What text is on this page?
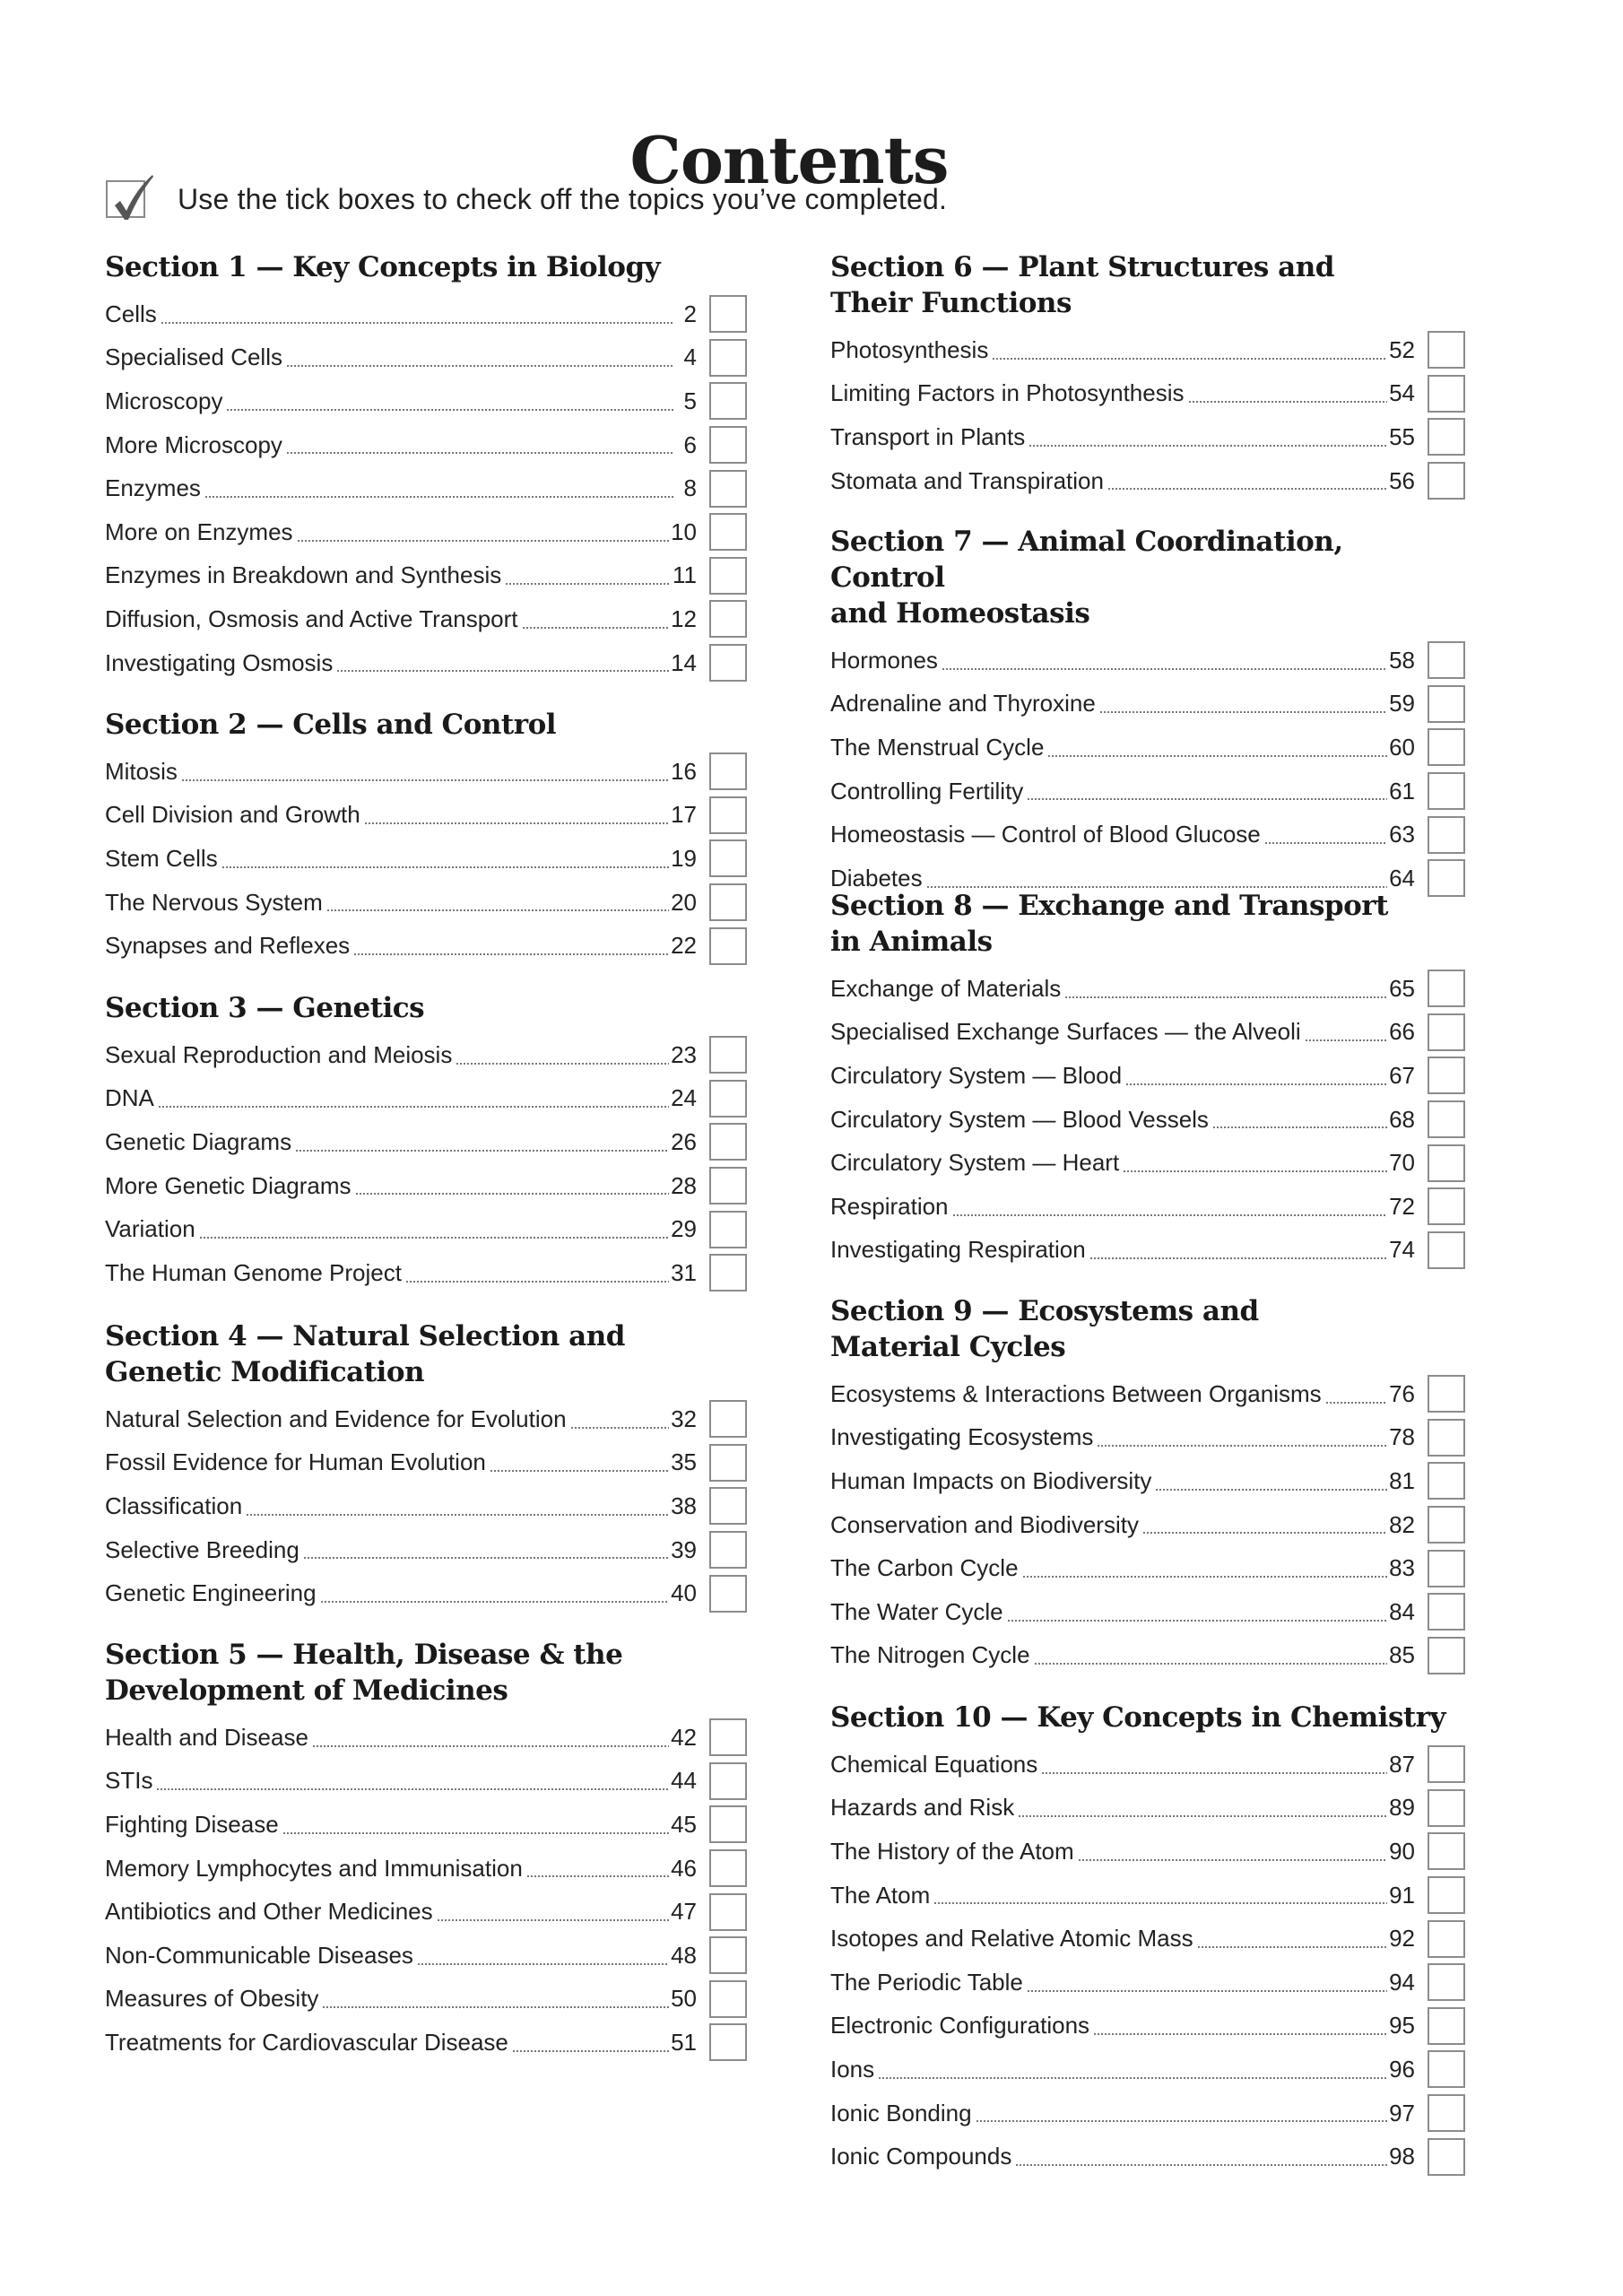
Contents
Use the tick boxes to check off the topics you’ve completed.
Section 1 — Key Concepts in Biology
Cells	2
Specialised Cells	4
Microscopy	5
More Microscopy	6
Enzymes	8
More on Enzymes	10
Enzymes in Breakdown and Synthesis	11
Diffusion, Osmosis and Active Transport	12
Investigating Osmosis	14
Section 2 — Cells and Control
Mitosis	16
Cell Division and Growth	17
Stem Cells	19
The Nervous System	20
Synapses and Reflexes	22
Section 3 — Genetics
Sexual Reproduction and Meiosis	23
DNA	24
Genetic Diagrams	26
More Genetic Diagrams	28
Variation	29
The Human Genome Project	31
Section 4 — Natural Selection and
Genetic Modification
Natural Selection and Evidence for Evolution	32
Fossil Evidence for Human Evolution	35
Classification	38
Selective Breeding	39
Genetic Engineering	40
Section 5 — Health, Disease & the
Development of Medicines
Health and Disease	42
STIs	44
Fighting Disease	45
Memory Lymphocytes and Immunisation	46
Antibiotics and Other Medicines	47
Non-Communicable Diseases	48
Measures of Obesity	50
Treatments for Cardiovascular Disease	51
Section 6 — Plant Structures and
Their Functions
Photosynthesis	52
Limiting Factors in Photosynthesis	54
Transport in Plants	55
Stomata and Transpiration	56
Section 7 — Animal Coordination, Control
and Homeostasis
Hormones	58
Adrenaline and Thyroxine	59
The Menstrual Cycle	60
Controlling Fertility	61
Homeostasis — Control of Blood Glucose	63
Diabetes	64
Section 8 — Exchange and Transport
in Animals
Exchange of Materials	65
Specialised Exchange Surfaces — the Alveoli	66
Circulatory System — Blood	67
Circulatory System — Blood Vessels	68
Circulatory System — Heart	70
Respiration	72
Investigating Respiration	74
Section 9 — Ecosystems and
Material Cycles
Ecosystems & Interactions Between Organisms	76
Investigating Ecosystems	78
Human Impacts on Biodiversity	81
Conservation and Biodiversity	82
The Carbon Cycle	83
The Water Cycle	84
The Nitrogen Cycle	85
Section 10 — Key Concepts in Chemistry
Chemical Equations	87
Hazards and Risk	89
The History of the Atom	90
The Atom	91
Isotopes and Relative Atomic Mass	92
The Periodic Table	94
Electronic Configurations	95
Ions	96
Ionic Bonding	97
Ionic Compounds	98
